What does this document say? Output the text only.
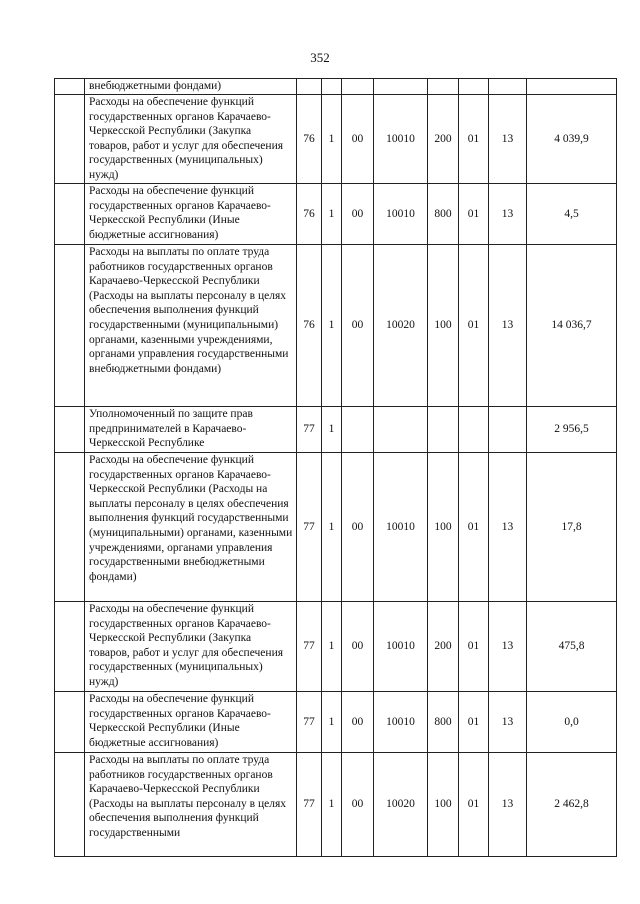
352
	внебюджетными фондами)								
	Расходы на обеспечение функций государственных органов Карачаево-Черкесской Республики (Закупка товаров, работ и услуг для обеспечения государственных (муниципальных) нужд)	76	1	00	10010	200	01	13	4 039,9
	Расходы на обеспечение функций государственных органов Карачаево-Черкесской Республики (Иные бюджетные ассигнования)	76	1	00	10010	800	01	13	4,5
	Расходы на выплаты по оплате труда работников государственных органов Карачаево-Черкесской Республики (Расходы на выплаты персоналу в целях обеспечения выполнения функций государственными (муниципальными) органами, казенными учреждениями, органами управления государственными внебюджетными фондами)	76	1	00	10020	100	01	13	14 036,7
	Уполномоченный по защите прав предпринимателей в Карачаево-Черкесской Республике	77	1						2 956,5
	Расходы на обеспечение функций государственных органов Карачаево-Черкесской Республики (Расходы на выплаты персоналу в целях обеспечения выполнения функций государственными (муниципальными) органами, казенными учреждениями, органами управления государственными внебюджетными фондами)	77	1	00	10010	100	01	13	17,8
	Расходы на обеспечение функций государственных органов Карачаево-Черкесской Республики (Закупка товаров, работ и услуг для обеспечения государственных (муниципальных) нужд)	77	1	00	10010	200	01	13	475,8
	Расходы на обеспечение функций государственных органов Карачаево-Черкесской Республики (Иные бюджетные ассигнования)	77	1	00	10010	800	01	13	0,0
	Расходы на выплаты по оплате труда работников государственных органов Карачаево-Черкесской Республики (Расходы на выплаты персоналу в целях обеспечения выполнения функций государственными	77	1	00	10020	100	01	13	2 462,8
